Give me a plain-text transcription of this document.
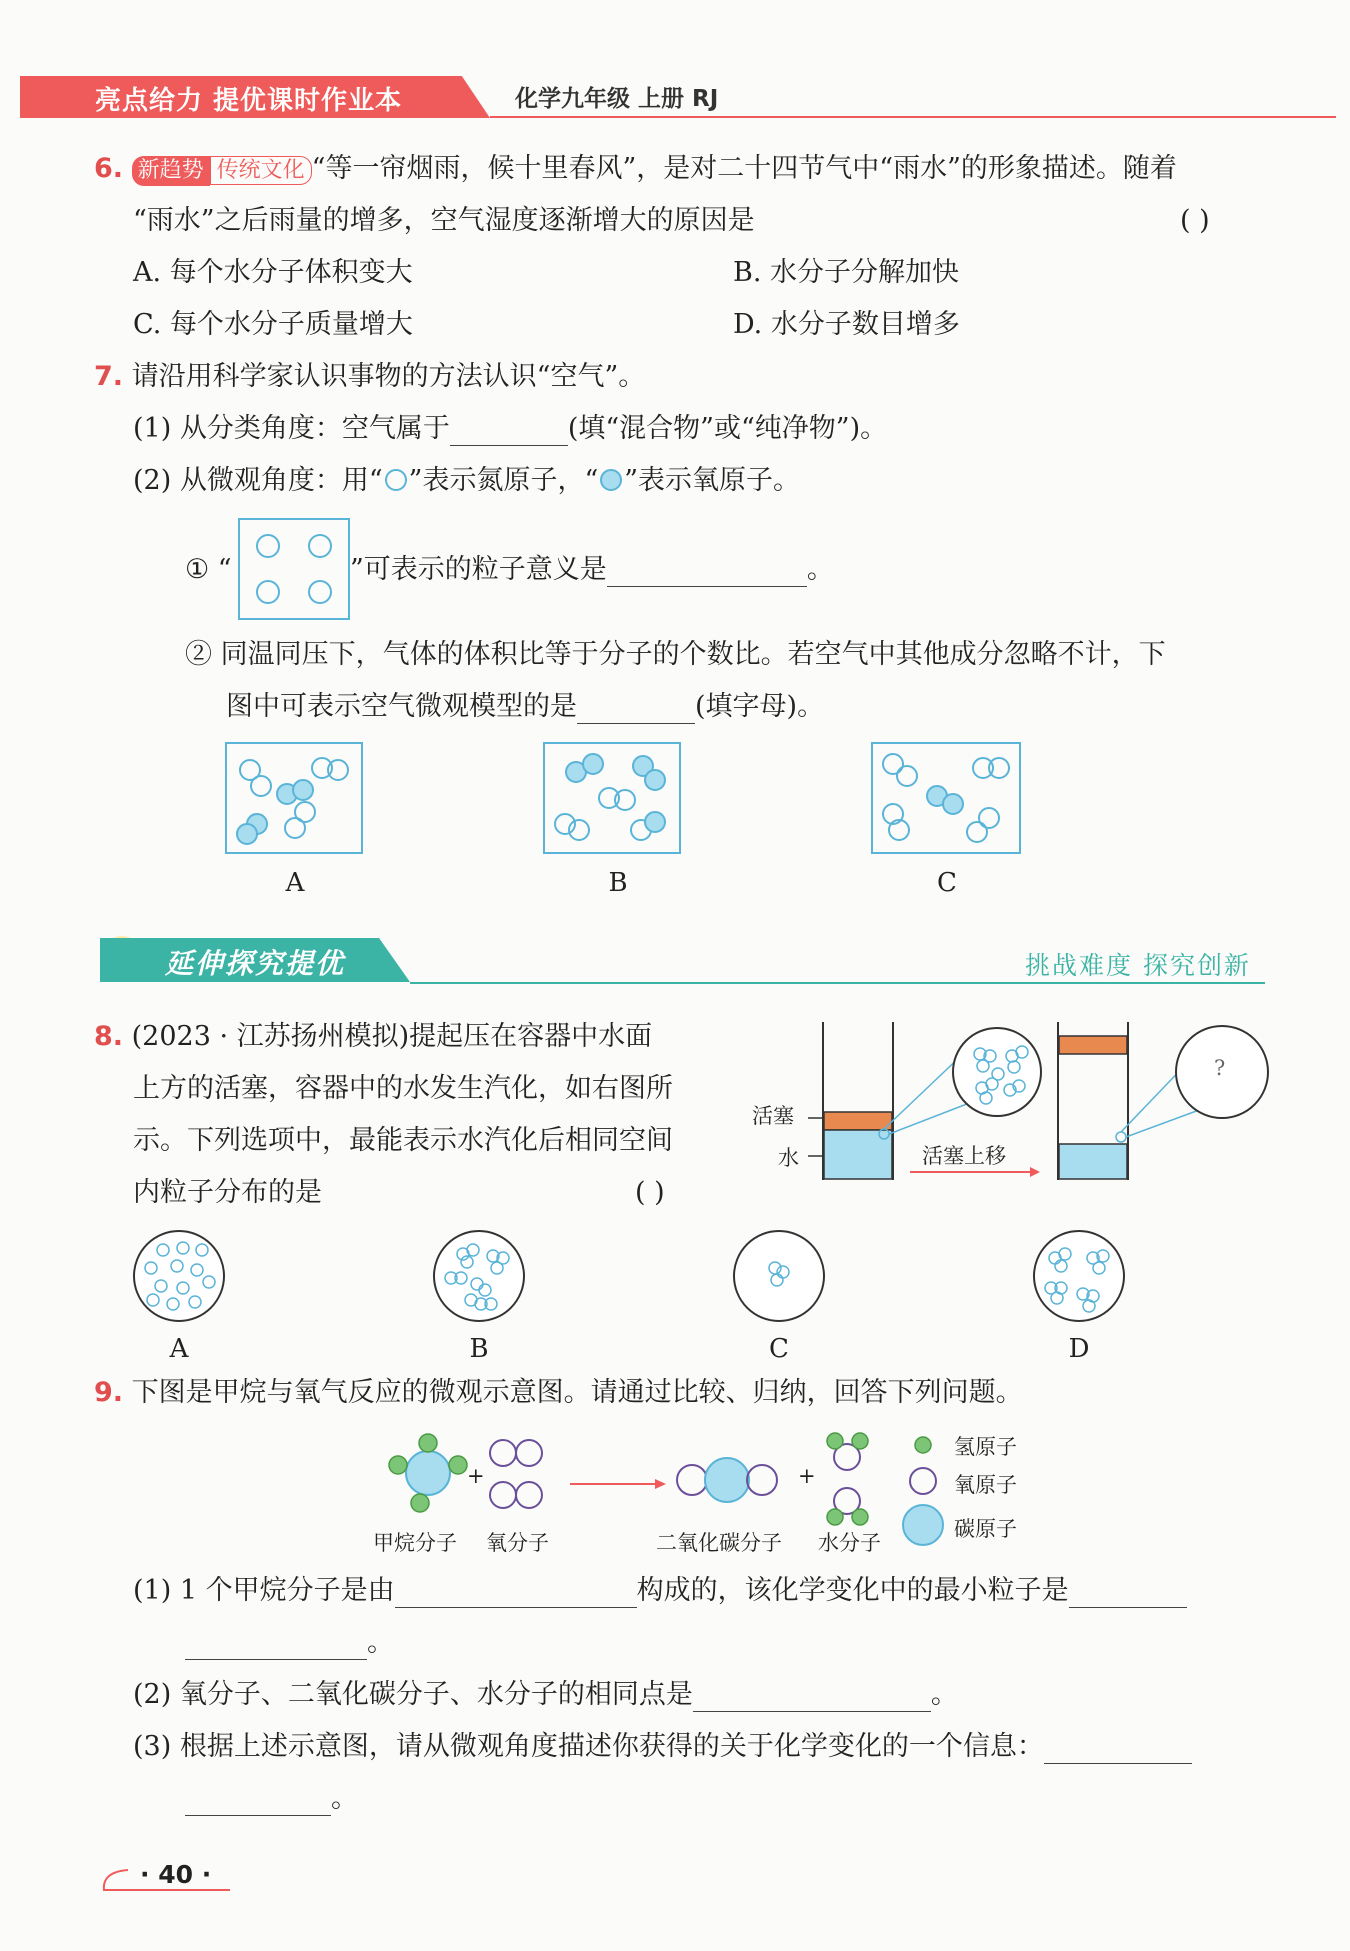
亮点给力 提优课时作业本	化学九年级 上册 RJ
6. 新趋势 传统文化 “等一帘烟雨，候十里春风”，是对二十四节气中“雨水”的形象描述。随着
“雨水”之后雨量的增多，空气湿度逐渐增大的原因是	( )
A. 每个水分子体积变大	B. 水分子分解加快
C. 每个水分子质量增大	D. 水分子数目增多
7. 请沿用科学家认识事物的方法认识“空气”。
(1) 从分类角度：空气属于	(填“混合物”或“纯净物”)。
(2) 从微观角度：用“ ”表示氮原子，“ ”表示氧原子。
① “	”可表示的粒子意义是	。
② 同温同压下，气体的体积比等于分子的个数比。若空气中其他成分忽略不计，下
图中可表示空气微观模型的是	(填字母)。
A	B	C
延伸探究提优	挑战难度 探究创新
8. (2023 · 江苏扬州模拟)提起压在容器中水面
上方的活塞，容器中的水发生汽化，如右图所
示。下列选项中，最能表示水汽化后相同空间
内粒子分布的是	( )
活塞
水	活塞上移
?
A	B	C	D
9. 下图是甲烷与氧气反应的微观示意图。请通过比较、归纳，回答下列问题。
+	+
甲烷分子 氧分子	二氧化碳分子 水分子
氢原子
氧原子
碳原子
(1) 1 个甲烷分子是由	构成的，该化学变化中的最小粒子是
。
(2) 氧分子、二氧化碳分子、水分子的相同点是	。
(3) 根据上述示意图，请从微观角度描述你获得的关于化学变化的一个信息：
。
· 40 ·
